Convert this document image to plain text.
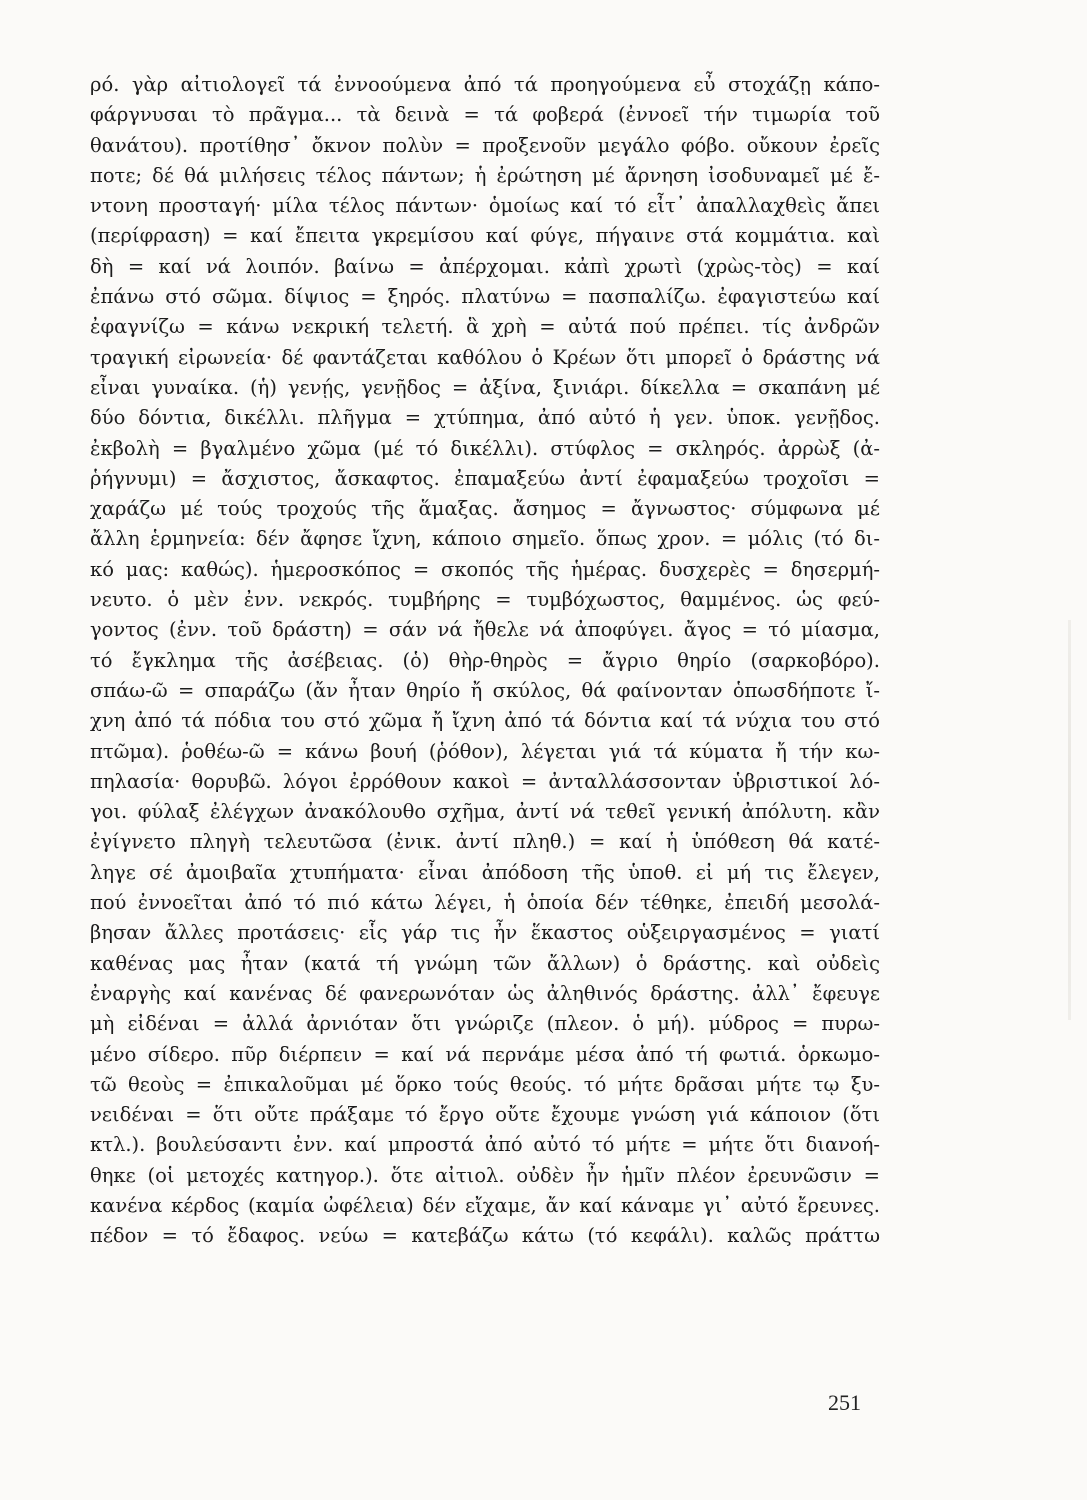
ρό. γὰρ αἰτιολογεῖ τά ἐννοούμενα ἀπό τά προηγούμενα εὖ στοχάζῃ κάπο-
φάργνυσαι τὸ πρᾶγμα... τὰ δεινὰ = τά φοβερά (ἐννοεῖ τήν τιμωρία τοῦ
θανάτου). προτίθησ᾽ ὄκνον πολὺν = προξενοῦν μεγάλο φόβο. οὔκουν ἐρεῖς
ποτε; δέ θά μιλήσεις τέλος πάντων; ἡ ἐρώτηση μέ ἄρνηση ἰσοδυναμεῖ μέ ἔ-
ντονη προσταγή· μίλα τέλος πάντων· ὁμοίως καί τό εἶτ᾽ ἀπαλλαχθεὶς ἄπει
(περίφραση) = καί ἔπειτα γκρεμίσου καί φύγε, πήγαινε στά κομμάτια. καὶ
δὴ = καί νά λοιπόν. βαίνω = ἀπέρχομαι. κἀπὶ χρωτὶ (χρὼς-τὸς) = καί
ἐπάνω στό σῶμα. δίψιος = ξηρός. πλατύνω = πασπαλίζω. ἐφαγιστεύω καί
ἐφαγνίζω = κάνω νεκρική τελετή. ἃ χρὴ = αὐτά πού πρέπει. τίς ἀνδρῶν
τραγική εἰρωνεία· δέ φαντάζεται καθόλου ὁ Κρέων ὅτι μπορεῖ ὁ δράστης νά
εἶναι γυναίκα. (ἡ) γενῄς, γενῇδος = ἀξίνα, ξινιάρι. δίκελλα = σκαπάνη μέ
δύο δόντια, δικέλλι. πλῆγμα = χτύπημα, ἀπό αὐτό ἡ γεν. ὑποκ. γενῇδος.
ἐκβολὴ = βγαλμένο χῶμα (μέ τό δικέλλι). στύφλος = σκληρός. ἀρρὼξ (ἀ-
ῥήγνυμι) = ἄσχιστος, ἄσκαφτος. ἐπαμαξεύω ἀντί ἐφαμαξεύω τροχοῖσι =
χαράζω μέ τούς τροχούς τῆς ἅμαξας. ἄσημος = ἄγνωστος· σύμφωνα μέ
ἄλλη ἑρμηνεία: δέν ἄφησε ἴχνη, κάποιο σημεῖο. ὅπως χρον. = μόλις (τό δι-
κό μας: καθώς). ἡμεροσκόπος = σκοπός τῆς ἡμέρας. δυσχερὲς = δησερμή-
νευτο. ὁ μὲν ἐνν. νεκρός. τυμβήρης = τυμβόχωστος, θαμμένος. ὡς φεύ-
γοντος (ἐνν. τοῦ δράστη) = σάν νά ἤθελε νά ἀποφύγει. ἄγος = τό μίασμα,
τό ἔγκλημα τῆς ἀσέβειας. (ὁ) θὴρ-θηρὸς = ἄγριο θηρίο (σαρκοβόρο).
σπάω-ῶ = σπαράζω (ἄν ἦταν θηρίο ἤ σκύλος, θά φαίνονταν ὁπωσδήποτε ἴ-
χνη ἀπό τά πόδια του στό χῶμα ἤ ἴχνη ἀπό τά δόντια καί τά νύχια του στό
πτῶμα). ῥοθέω-ῶ = κάνω βουή (ῥόθον), λέγεται γιά τά κύματα ἤ τήν κω-
πηλασία· θορυβῶ. λόγοι ἐρρόθουν κακοὶ = ἀνταλλάσσονταν ὑβριστικοί λό-
γοι. φύλαξ ἐλέγχων ἀνακόλουθο σχῆμα, ἀντί νά τεθεῖ γενική ἀπόλυτη. κἂν
ἐγίγνετο πληγὴ τελευτῶσα (ἐνικ. ἀντί πληθ.) = καί ἡ ὑπόθεση θά κατέ-
ληγε σέ ἀμοιβαῖα χτυπήματα· εἶναι ἀπόδοση τῆς ὑποθ. εἰ μή τις ἔλεγεν,
πού ἐννοεῖται ἀπό τό πιό κάτω λέγει, ἡ ὁποία δέν τέθηκε, ἐπειδή μεσολά-
βησαν ἄλλες προτάσεις· εἷς γάρ τις ἦν ἕκαστος οὑξειργασμένος = γιατί
καθένας μας ἦταν (κατά τή γνώμη τῶν ἄλλων) ὁ δράστης. καὶ οὐδεὶς
ἐναργὴς καί κανένας δέ φανερωνόταν ὡς ἀληθινός δράστης. ἀλλ᾽ ἔφευγε
μὴ εἰδέναι = ἀλλά ἀρνιόταν ὅτι γνώριζε (πλεον. ὁ μή). μύδρος = πυρω-
μένο σίδερο. πῦρ διέρπειν = καί νά περνάμε μέσα ἀπό τή φωτιά. ὁρκωμο-
τῶ θεοὺς = ἐπικαλοῦμαι μέ ὅρκο τούς θεούς. τό μήτε δρᾶσαι μήτε τῳ ξυ-
νειδέναι = ὅτι οὔτε πράξαμε τό ἔργο οὔτε ἔχουμε γνώση γιά κάποιον (ὅτι
κτλ.). βουλεύσαντι ἐνν. καί μπροστά ἀπό αὐτό τό μήτε = μήτε ὅτι διανοή-
θηκε (οἱ μετοχές κατηγορ.). ὅτε αἰτιολ. οὐδὲν ἦν ἡμῖν πλέον ἐρευνῶσιν =
κανένα κέρδος (καμία ὠφέλεια) δέν εἴχαμε, ἄν καί κάναμε γι᾽ αὐτό ἔρευνες.
πέδον = τό ἔδαφος. νεύω = κατεβάζω κάτω (τό κεφάλι). καλῶς πράττω
251
